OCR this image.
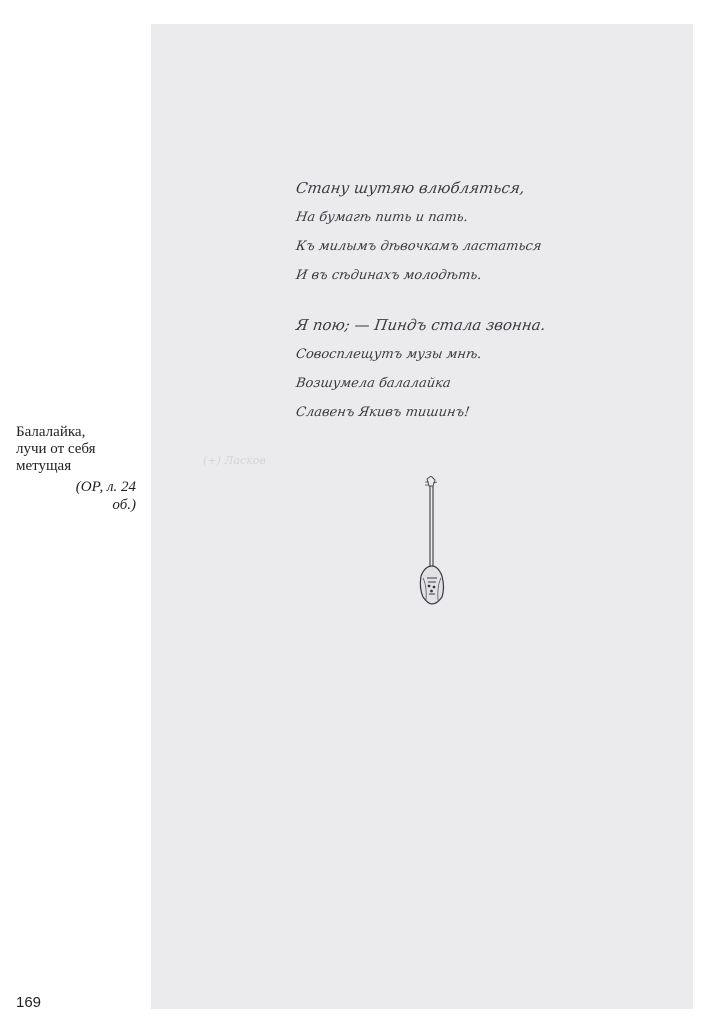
Стану шутяю влюбляться,
На бумагѣ пить и пать.
Къ милымъ дѣвочкамъ ластаться
И въ сѣдинахъ молодѣть.
Я пою; — Пиндъ стала звонна.
Совосплещутъ музы мнѣ.
Возшумела балалайка
Славенъ Якивъ тишинъ!
(+) Ласков
Балалайка,
лучи от себя
метущая
(ОР, л. 24
об.)
169
